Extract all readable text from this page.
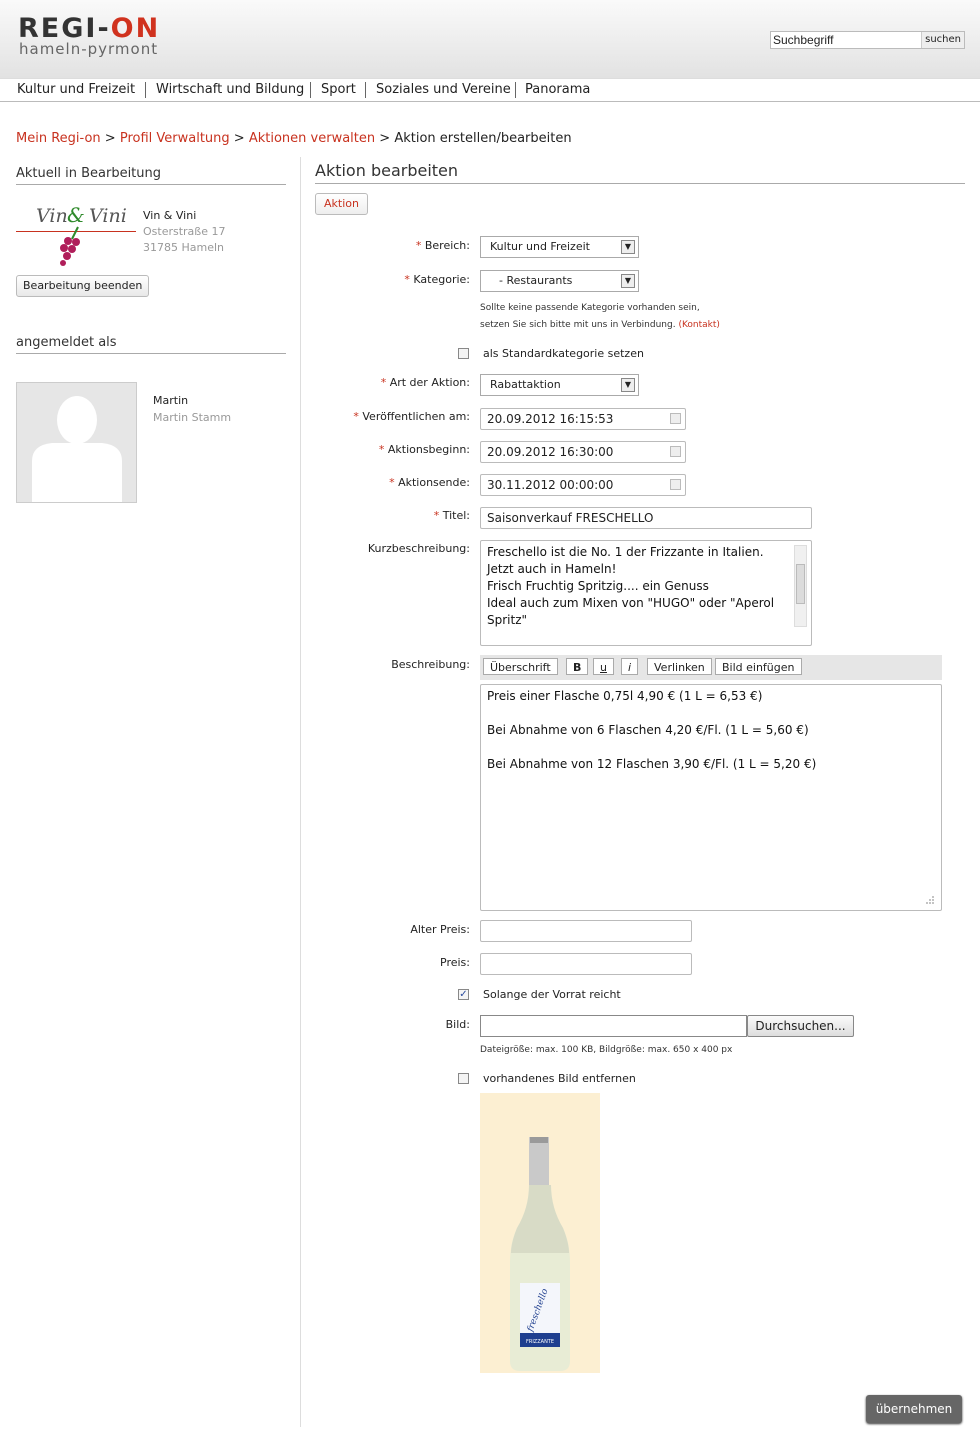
REGI-ON
hameln-pyrmont
Suchbegriff
suchen
Kultur und Freizeit Wirtschaft und Bildung Sport Soziales und Vereine Panorama
Mein Regi-on > Profil Verwaltung > Aktionen verwalten > Aktion erstellen/bearbeiten
Aktuell in Bearbeitung
Vin & Vini Vin & Vini
Osterstraße 17
31785 Hameln
Bearbeitung beenden
angemeldet als
Martin
Martin Stamm
Aktion bearbeiten
Aktion
* Bereich:	Kultur und Freizeit	▼
* Kategorie:	- Restaurants	▼
Sollte keine passende Kategorie vorhanden sein,
setzen Sie sich bitte mit uns in Verbindung. (Kontakt)
als Standardkategorie setzen
* Art der Aktion:	Rabattaktion	▼
* Veröffentlichen am:	20.09.2012 16:15:53
* Aktionsbeginn:	20.09.2012 16:30:00
* Aktionsende:	30.11.2012 00:00:00
* Titel:	Saisonverkauf FRESCHELLO
Kurzbeschreibung: Freschello ist die No. 1 der Frizzante in Italien.
Jetzt auch in Hameln!
Frisch Fruchtig Spritzig.... ein Genuss
Ideal auch zum Mixen von "HUGO" oder "Aperol
Spritz"
Beschreibung:	Überschrift	B	u	i	Verlinken	Bild einfügen
Preis einer Flasche 0,75l 4,90 € (1 L = 6,53 €)
Bei Abnahme von 6 Flaschen 4,20 €/Fl. (1 L = 5,60 €)
Bei Abnahme von 12 Flaschen 3,90 €/Fl. (1 L = 5,20 €)
Alter Preis:
Preis:
✓ Solange der Vorrat reicht
Bild:	Durchsuchen...
Dateigröße: max. 100 KB, Bildgröße: max. 650 x 400 px
vorhandenes Bild entfernen
freschello
FRIZZANTE
übernehmen
